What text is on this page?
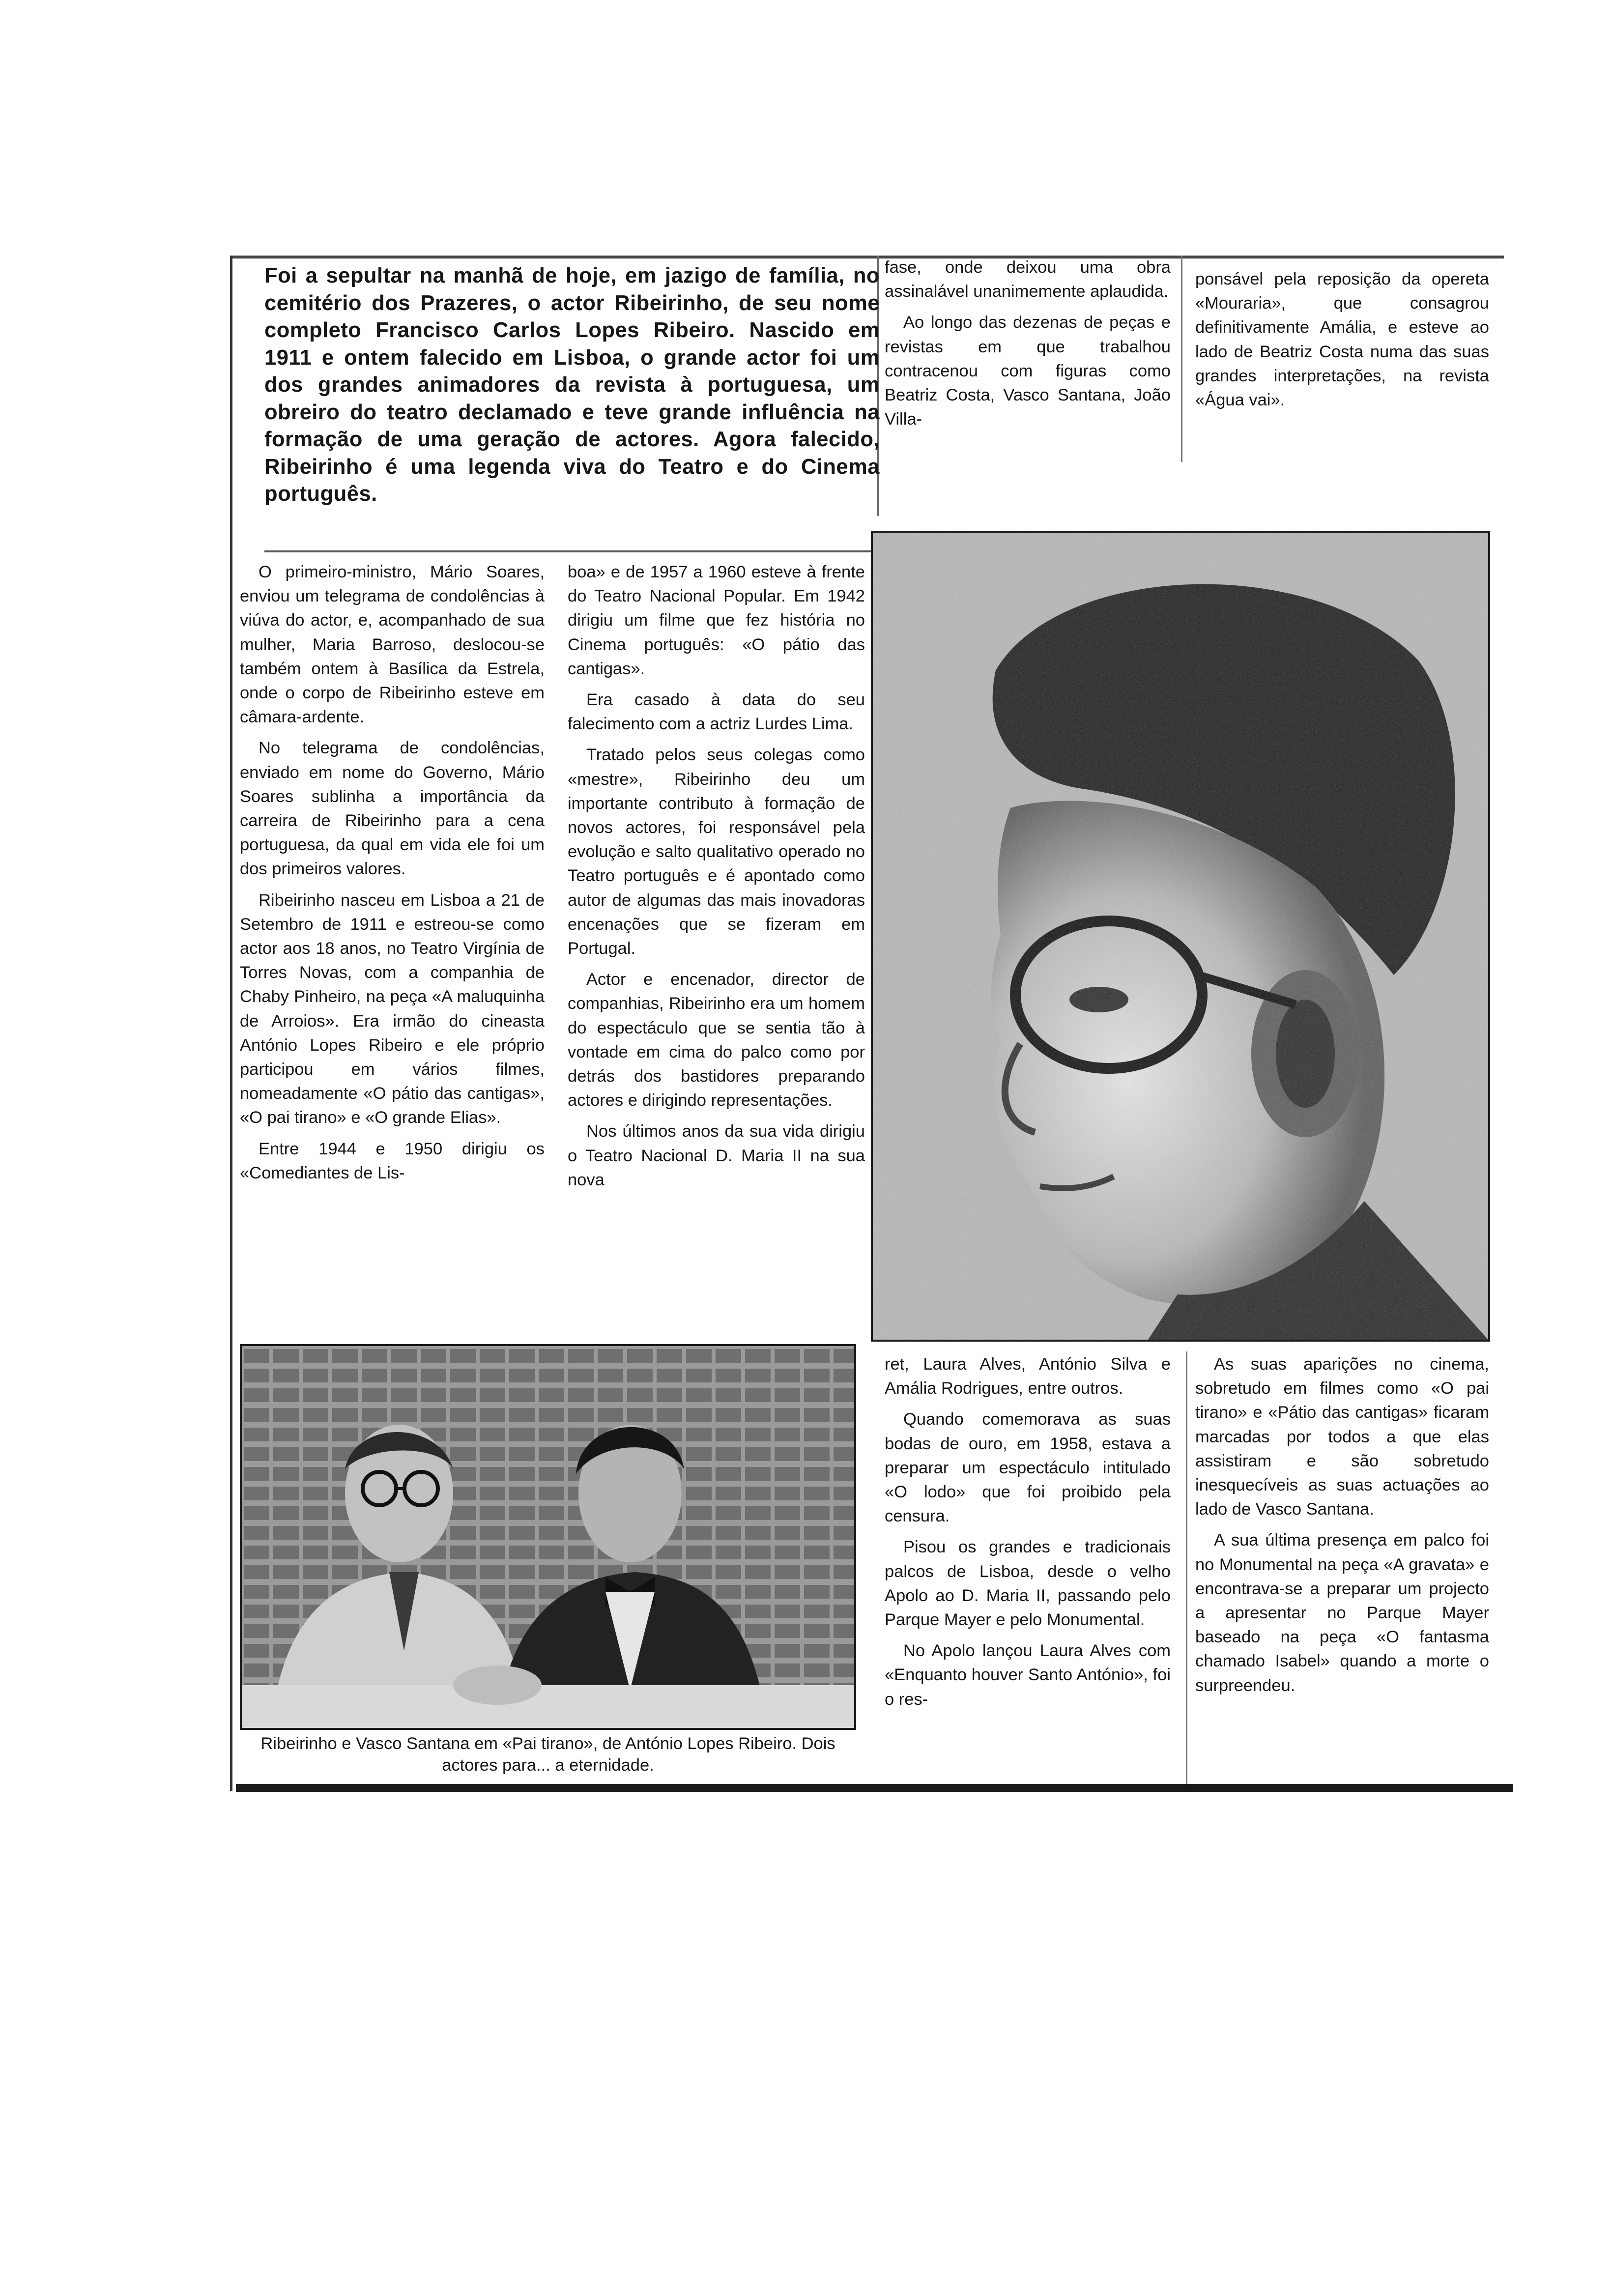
Foi a sepultar na manhã de hoje, em jazigo de família, no cemitério dos Prazeres, o actor Ribeirinho, de seu nome completo Francisco Carlos Lopes Ribeiro. Nascido em 1911 e ontem falecido em Lisboa, o grande actor foi um dos grandes animadores da revista à portuguesa, um obreiro do teatro declamado e teve grande influência na formação de uma geração de actores. Agora falecido, Ribeirinho é uma legenda viva do Teatro e do Cinema português.

O primeiro-ministro, Mário Soares, enviou um telegrama de condolências à viúva do actor, e, acompanhado de sua mulher, Maria Barroso, deslocou-se também ontem à Basílica da Estrela, onde o corpo de Ribeirinho esteve em câmara-ardente.

No telegrama de condolências, enviado em nome do Governo, Mário Soares sublinha a importância da carreira de Ribeirinho para a cena portuguesa, da qual em vida ele foi um dos primeiros valores.

Ribeirinho nasceu em Lisboa a 21 de Setembro de 1911 e estreou-se como actor aos 18 anos, no Teatro Virgínia de Torres Novas, com a companhia de Chaby Pinheiro, na peça «A maluquinha de Arroios». Era irmão do cineasta António Lopes Ribeiro e ele próprio participou em vários filmes, nomeadamente «O pátio das cantigas», «O pai tirano» e «O grande Elias».

Entre 1944 e 1950 dirigiu os «Comediantes de Lis-

boa» e de 1957 a 1960 esteve à frente do Teatro Nacional Popular. Em 1942 dirigiu um filme que fez história no Cinema português: «O pátio das cantigas».

Era casado à data do seu falecimento com a actriz Lurdes Lima.

Tratado pelos seus colegas como «mestre», Ribeirinho deu um importante contributo à formação de novos actores, foi responsável pela evolução e salto qualitativo operado no Teatro português e é apontado como autor de algumas das mais inovadoras encenações que se fizeram em Portugal.

Actor e encenador, director de companhias, Ribeirinho era um homem do espectáculo que se sentia tão à vontade em cima do palco como por detrás dos bastidores preparando actores e dirigindo representações.

Nos últimos anos da sua vida dirigiu o Teatro Nacional D. Maria II na sua nova

fase, onde deixou uma obra assinalável unanimemente aplaudida.

Ao longo das dezenas de peças e revistas em que trabalhou contracenou com figuras como Beatriz Costa, Vasco Santana, João Villa-

ponsável pela reposição da opereta «Mouraria», que consagrou definitivamente Amália, e esteve ao lado de Beatriz Costa numa das suas grandes interpretações, na revista «Água vai».

Ribeirinho e Vasco Santana em «Pai tirano», de António Lopes Ribeiro. Dois actores para... a eternidade.

ret, Laura Alves, António Silva e Amália Rodrigues, entre outros.

Quando comemorava as suas bodas de ouro, em 1958, estava a preparar um espectáculo intitulado «O lodo» que foi proibido pela censura.

Pisou os grandes e tradicionais palcos de Lisboa, desde o velho Apolo ao D. Maria II, passando pelo Parque Mayer e pelo Monumental.

No Apolo lançou Laura Alves com «Enquanto houver Santo António», foi o res-

As suas aparições no cinema, sobretudo em filmes como «O pai tirano» e «Pátio das cantigas» ficaram marcadas por todos a que elas assistiram e são sobretudo inesquecíveis as suas actuações ao lado de Vasco Santana.

A sua última presença em palco foi no Monumental na peça «A gravata» e encontrava-se a preparar um projecto a apresentar no Parque Mayer baseado na peça «O fantasma chamado Isabel» quando a morte o surpreendeu.
